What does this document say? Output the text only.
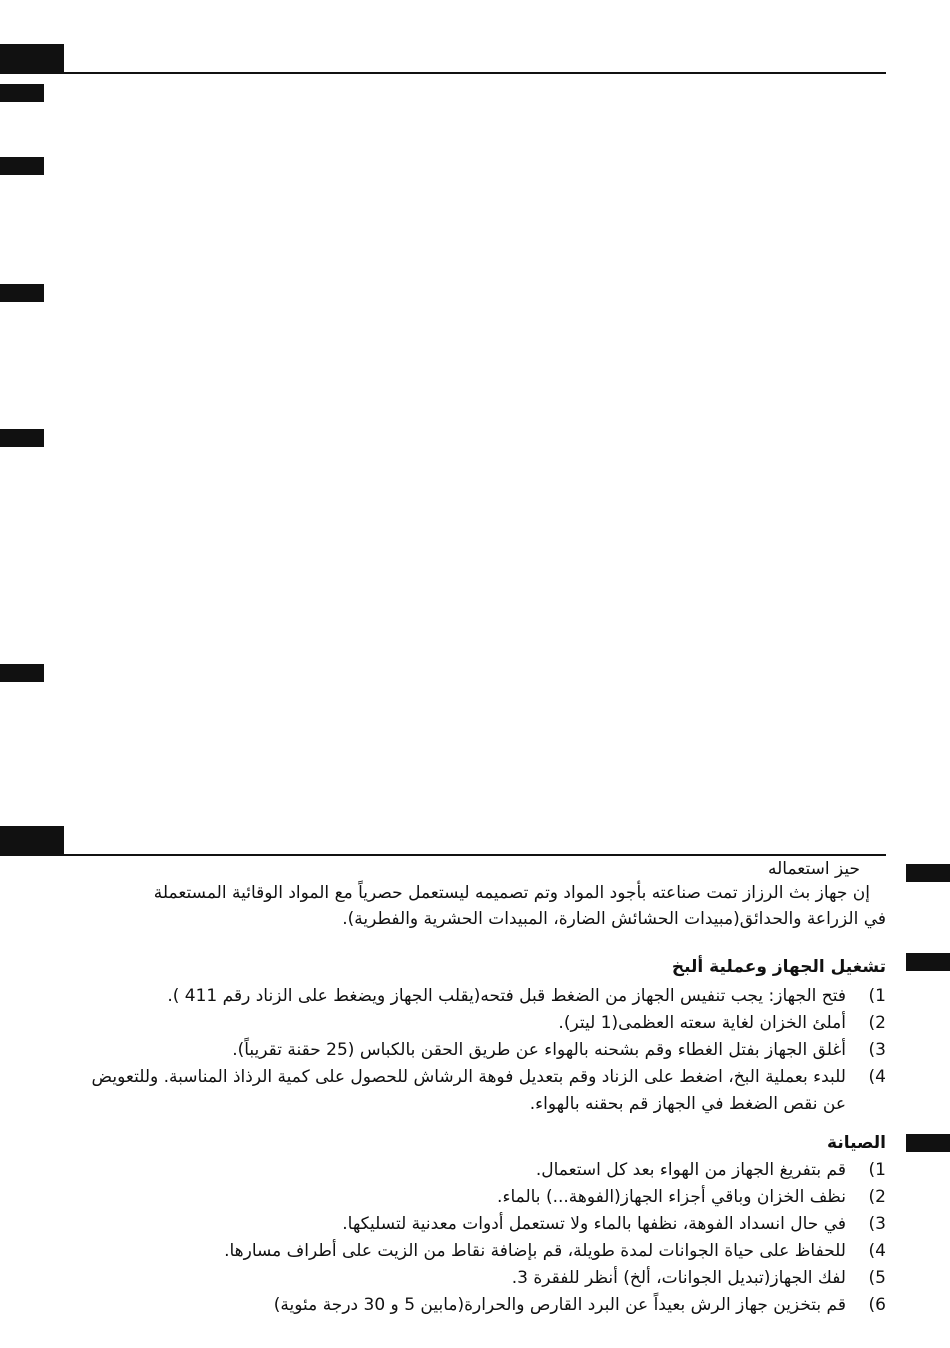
حيز استعماله
إن جهاز بث الرزاز تمت صناعته بأجود المواد وتم تصميمه ليستعمل حصرياً مع المواد الوقائية المستعملة
في الزراعة والحدائق(مبيدات الحشائش الضارة، المبيدات الحشرية والفطرية).
تشغيل الجهاز وعملية ألبخ
(1
فتح الجهاز: يجب تنفيس الجهاز من الضغط قبل فتحه(يقلب الجهاز ويضغط على الزناد رقم 411 ).
(2
أملئ الخزان لغاية سعته العظمى(1 ليتر).
(3
أغلق الجهاز بفتل الغطاء وقم بشحنه بالهواء عن طريق الحقن بالكباس (25 حقنة تقريباً).
(4
للبدء بعملية البخ، اضغط على الزناد وقم بتعديل فوهة الرشاش للحصول على كمية الرذاذ المناسبة. وللتعويض
عن نقص الضغط في الجهاز قم بحقنه بالهواء.
الصيانة
(1
قم بتفريغ الجهاز من الهواء بعد كل استعمال.
(2
نظف الخزان وباقي أجزاء الجهاز(الفوهة...) بالماء.
(3
في حال انسداد الفوهة، نظفها بالماء ولا تستعمل أدوات معدنية لتسليكها.
(4
للحفاظ على حياة الجوانات لمدة طويلة، قم بإضافة نقاط من الزيت على أطراف مسارها.
(5
لفك الجهاز(تبديل الجوانات، ألخ) أنظر للفقرة 3.
(6
قم بتخزين جهاز الرش بعيداً عن البرد القارص والحرارة(مابين 5 و 30 درجة مئوية)
